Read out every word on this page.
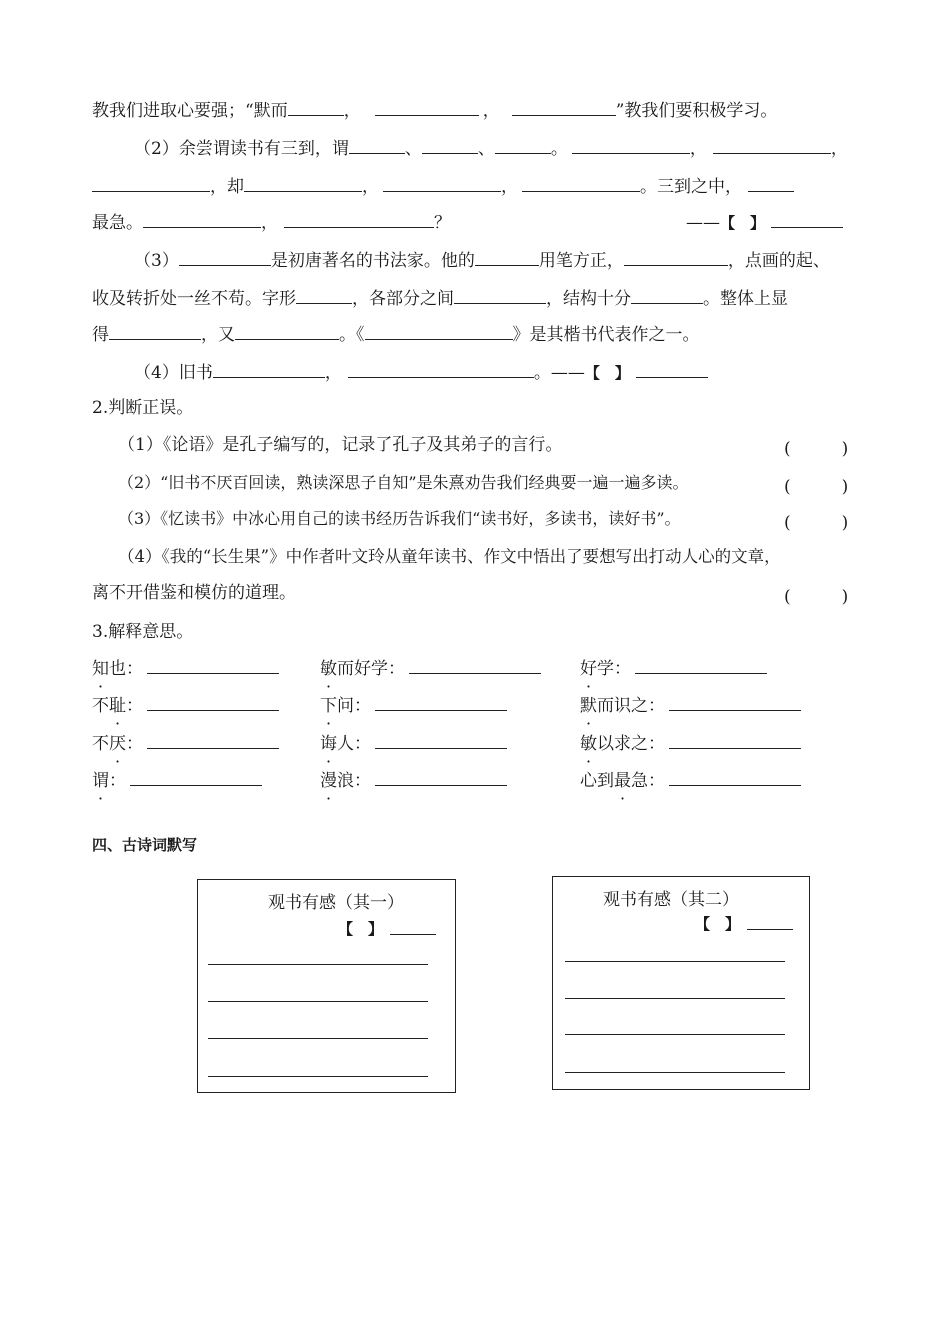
教我们进取心要强；“默而	，	，	”教我们要积极学习。
（2）余尝谓读书有三到，谓	、	、	。	，	，
，却	，	，	。三到之中，
最急。	，	？	——【　】
（3）	是初唐著名的书法家。他的	用笔方正，	，点画的起、
收及转折处一丝不苟。字形	，各部分之间	，结构十分	。整体上显
得	，又	。《	》是其楷书代表作之一。
（4）旧书	，	。——【　】
2.判断正误。
（1）《论语》是孔子编写的，记录了孔子及其弟子的言行。	(　　　)
（2）“旧书不厌百回读，熟读深思子自知”是朱熹劝告我们经典要一遍一遍多读。	(　　　)
（3）《忆读书》中冰心用自己的读书经历告诉我们“读书好，多读书，读好书”。	(　　　)
（4）《我的“长生果”》中作者叶文玲从童年读书、作文中悟出了要想写出打动人心的文章，
离不开借鉴和模仿的道理。	(　　　)
3.解释意思。
知也：	敏而好学：	好学：
不耻：	下问：	默而识之：
不厌：	诲人：	敏以求之：
谓：	漫浪：	心到最急：
四、古诗词默写
观书有感（其一）
【　】
观书有感（其二）
【　】
